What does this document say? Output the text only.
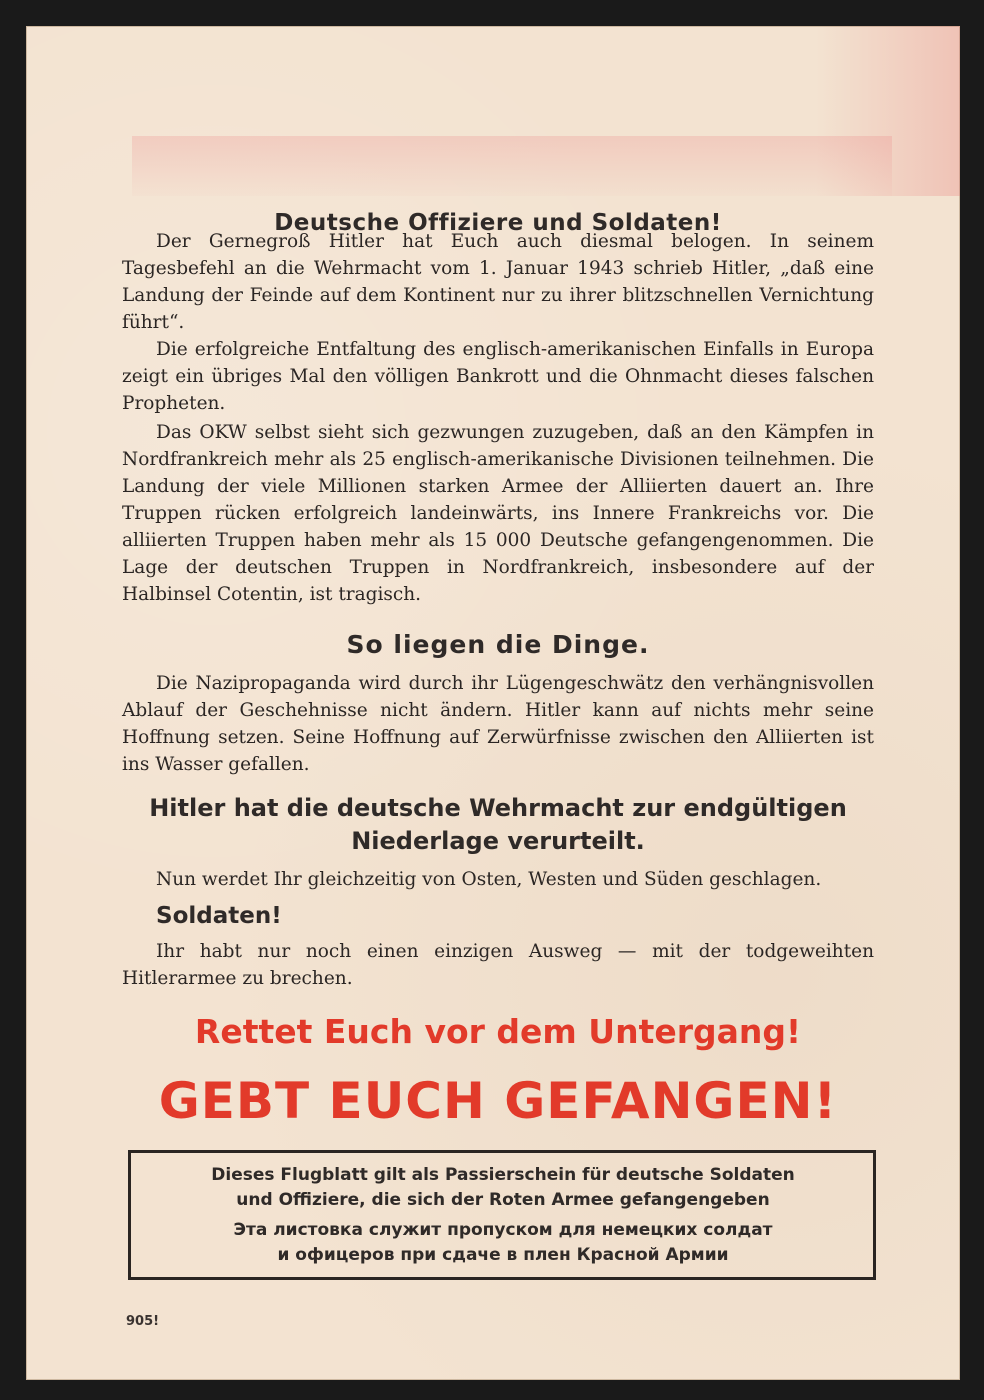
Deutsche Offiziere und Soldaten!

Der Gernegroß Hitler hat Euch auch diesmal belogen. In seinem Tagesbefehl an die Wehrmacht vom 1. Januar 1943 schrieb Hitler, „daß eine Landung der Feinde auf dem Kontinent nur zu ihrer blitzschnellen Vernichtung führt“.

Die erfolgreiche Entfaltung des englisch-amerikanischen Einfalls in Europa zeigt ein übriges Mal den völligen Bankrott und die Ohnmacht dieses falschen Propheten.

Das OKW selbst sieht sich gezwungen zuzugeben, daß an den Kämpfen in Nordfrankreich mehr als 25 englisch-amerikanische Divisionen teilnehmen. Die Landung der viele Millionen starken Armee der Alliierten dauert an. Ihre Truppen rücken erfolgreich landeinwärts, ins Innere Frankreichs vor. Die alliierten Truppen haben mehr als 15 000 Deutsche gefangengenommen. Die Lage der deutschen Truppen in Nordfrankreich, insbesondere auf der Halbinsel Cotentin, ist tragisch.

So liegen die Dinge.

Die Nazipropaganda wird durch ihr Lügengeschwätz den verhängnisvollen Ablauf der Geschehnisse nicht ändern. Hitler kann auf nichts mehr seine Hoffnung setzen. Seine Hoffnung auf Zerwürfnisse zwischen den Alliierten ist ins Wasser gefallen.

Hitler hat die deutsche Wehrmacht zur endgültigen
Niederlage verurteilt.

Nun werdet Ihr gleichzeitig von Osten, Westen und Süden geschlagen.

Soldaten!

Ihr habt nur noch einen einzigen Ausweg — mit der todgeweihten Hitlerarmee zu brechen.

Rettet Euch vor dem Untergang!
GEBT EUCH GEFANGEN!
Dieses Flugblatt gilt als Passierschein für deutsche Soldaten
und Offiziere, die sich der Roten Armee gefangengeben
Эта листовка служит пропуском для немецких солдат
и офицеров при сдаче в плен Красной Армии
905!
